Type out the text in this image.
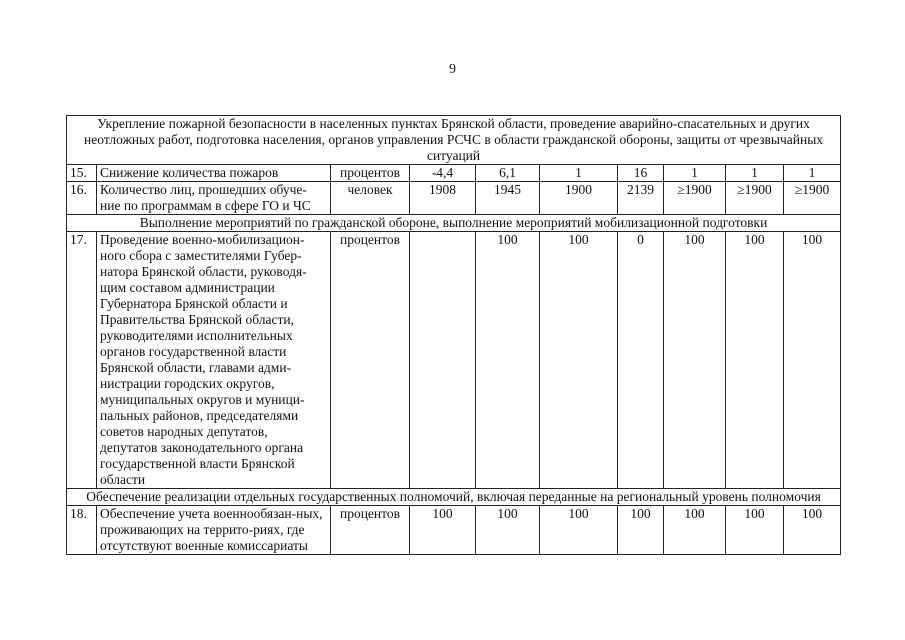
9
Укрепление пожарной безопасности в населенных пунктах Брянской области, проведение аварийно-спасательных и других неотложных работ, подготовка населения, органов управления РСЧС в области гражданской обороны, защиты от чрезвычайных ситуаций									
15.	Снижение количества пожаров	процентов	-4,4	6,1	1	16	1	1	1
16.	Количество лиц, прошедших обуче-ние по программам в сфере ГО и ЧС	человек	1908	1945	1900	2139	≥1900	≥1900	≥1900
Выполнение мероприятий по гражданской обороне, выполнение мероприятий мобилизационной подготовки									
17.	Проведение военно-мобилизацион-ного сбора с заместителями Губер-натора Брянской области, руководя-щим составом администрации Губернатора Брянской области и Правительства Брянской области, руководителями исполнительных органов государственной власти Брянской области, главами адми-нистрации городских округов, муниципальных округов и муници-пальных районов, председателями советов народных депутатов, депутатов законодательного органа государственной власти Брянской области	процентов		100	100	0	100	100	100
Обеспечение реализации отдельных государственных полномочий, включая переданные на региональный уровень полномочия									
18.	Обеспечение учета военнообязан-ных, проживающих на террито-риях, где отсутствуют военные комиссариаты	процентов	100	100	100	100	100	100	100
